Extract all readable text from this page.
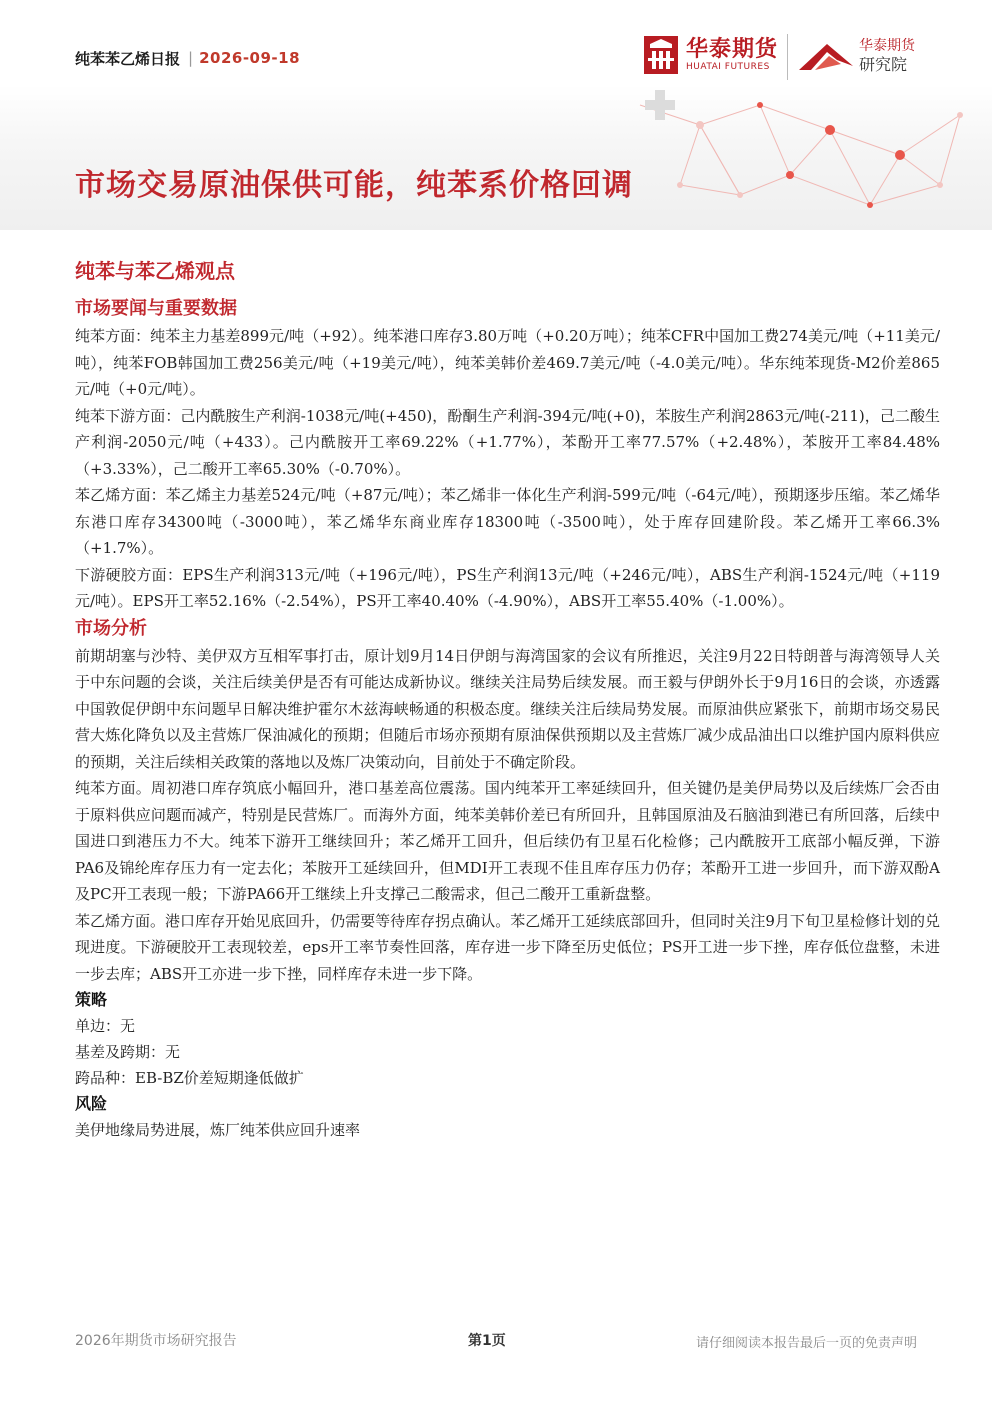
纯苯苯乙烯日报 | 2026-09-18	华泰期货
HUATAI FUTURES
华泰期货
研究院
市场交易原油保供可能，纯苯系价格回调
纯苯与苯乙烯观点
市场要闻与重要数据

纯苯方面：纯苯主力基差899元/吨（+92）。纯苯港口库存3.80万吨（+0.20万吨）；纯苯CFR中国加工费274美元/吨（+11美元/吨），纯苯FOB韩国加工费256美元/吨（+19美元/吨），纯苯美韩价差469.7美元/吨（-4.0美元/吨）。华东纯苯现货-M2价差865元/吨（+0元/吨）。

纯苯下游方面：己内酰胺生产利润-1038元/吨(+450)，酚酮生产利润-394元/吨(+0)，苯胺生产利润2863元/吨(-211)，己二酸生产利润-2050元/吨（+433）。己内酰胺开工率69.22%（+1.77%），苯酚开工率77.57%（+2.48%），苯胺开工率84.48%（+3.33%），己二酸开工率65.30%（-0.70%）。

苯乙烯方面：苯乙烯主力基差524元/吨（+87元/吨）；苯乙烯非一体化生产利润-599元/吨（-64元/吨），预期逐步压缩。苯乙烯华东港口库存34300吨（-3000吨），苯乙烯华东商业库存18300吨（-3500吨），处于库存回建阶段。苯乙烯开工率66.3%（+1.7%）。

下游硬胶方面：EPS生产利润313元/吨（+196元/吨），PS生产利润13元/吨（+246元/吨），ABS生产利润-1524元/吨（+119元/吨）。EPS开工率52.16%（-2.54%），PS开工率40.40%（-4.90%），ABS开工率55.40%（-1.00%）。

市场分析

前期胡塞与沙特、美伊双方互相军事打击，原计划9月14日伊朗与海湾国家的会议有所推迟，关注9月22日特朗普与海湾领导人关于中东问题的会谈，关注后续美伊是否有可能达成新协议。继续关注局势后续发展。而王毅与伊朗外长于9月16日的会谈，亦透露中国敦促伊朗中东问题早日解决维护霍尔木兹海峡畅通的积极态度。继续关注后续局势发展。而原油供应紧张下，前期市场交易民营大炼化降负以及主营炼厂保油减化的预期；但随后市场亦预期有原油保供预期以及主营炼厂减少成品油出口以维护国内原料供应的预期，关注后续相关政策的落地以及炼厂决策动向，目前处于不确定阶段。

纯苯方面。周初港口库存筑底小幅回升，港口基差高位震荡。国内纯苯开工率延续回升，但关键仍是美伊局势以及后续炼厂会否由于原料供应问题而减产，特别是民营炼厂。而海外方面，纯苯美韩价差已有所回升，且韩国原油及石脑油到港已有所回落，后续中国进口到港压力不大。纯苯下游开工继续回升；苯乙烯开工回升，但后续仍有卫星石化检修；己内酰胺开工底部小幅反弹，下游PA6及锦纶库存压力有一定去化；苯胺开工延续回升，但MDI开工表现不佳且库存压力仍存；苯酚开工进一步回升，而下游双酚A及PC开工表现一般；下游PA66开工继续上升支撑己二酸需求，但己二酸开工重新盘整。

苯乙烯方面。港口库存开始见底回升，仍需要等待库存拐点确认。苯乙烯开工延续底部回升，但同时关注9月下旬卫星检修计划的兑现进度。下游硬胶开工表现较差，eps开工率节奏性回落，库存进一步下降至历史低位；PS开工进一步下挫，库存低位盘整，未进一步去库；ABS开工亦进一步下挫，同样库存未进一步下降。

策略

单边：无

基差及跨期：无

跨品种：EB-BZ价差短期逢低做扩

风险

美伊地缘局势进展，炼厂纯苯供应回升速率

2026年期货市场研究报告	第1页	请仔细阅读本报告最后一页的免责声明
